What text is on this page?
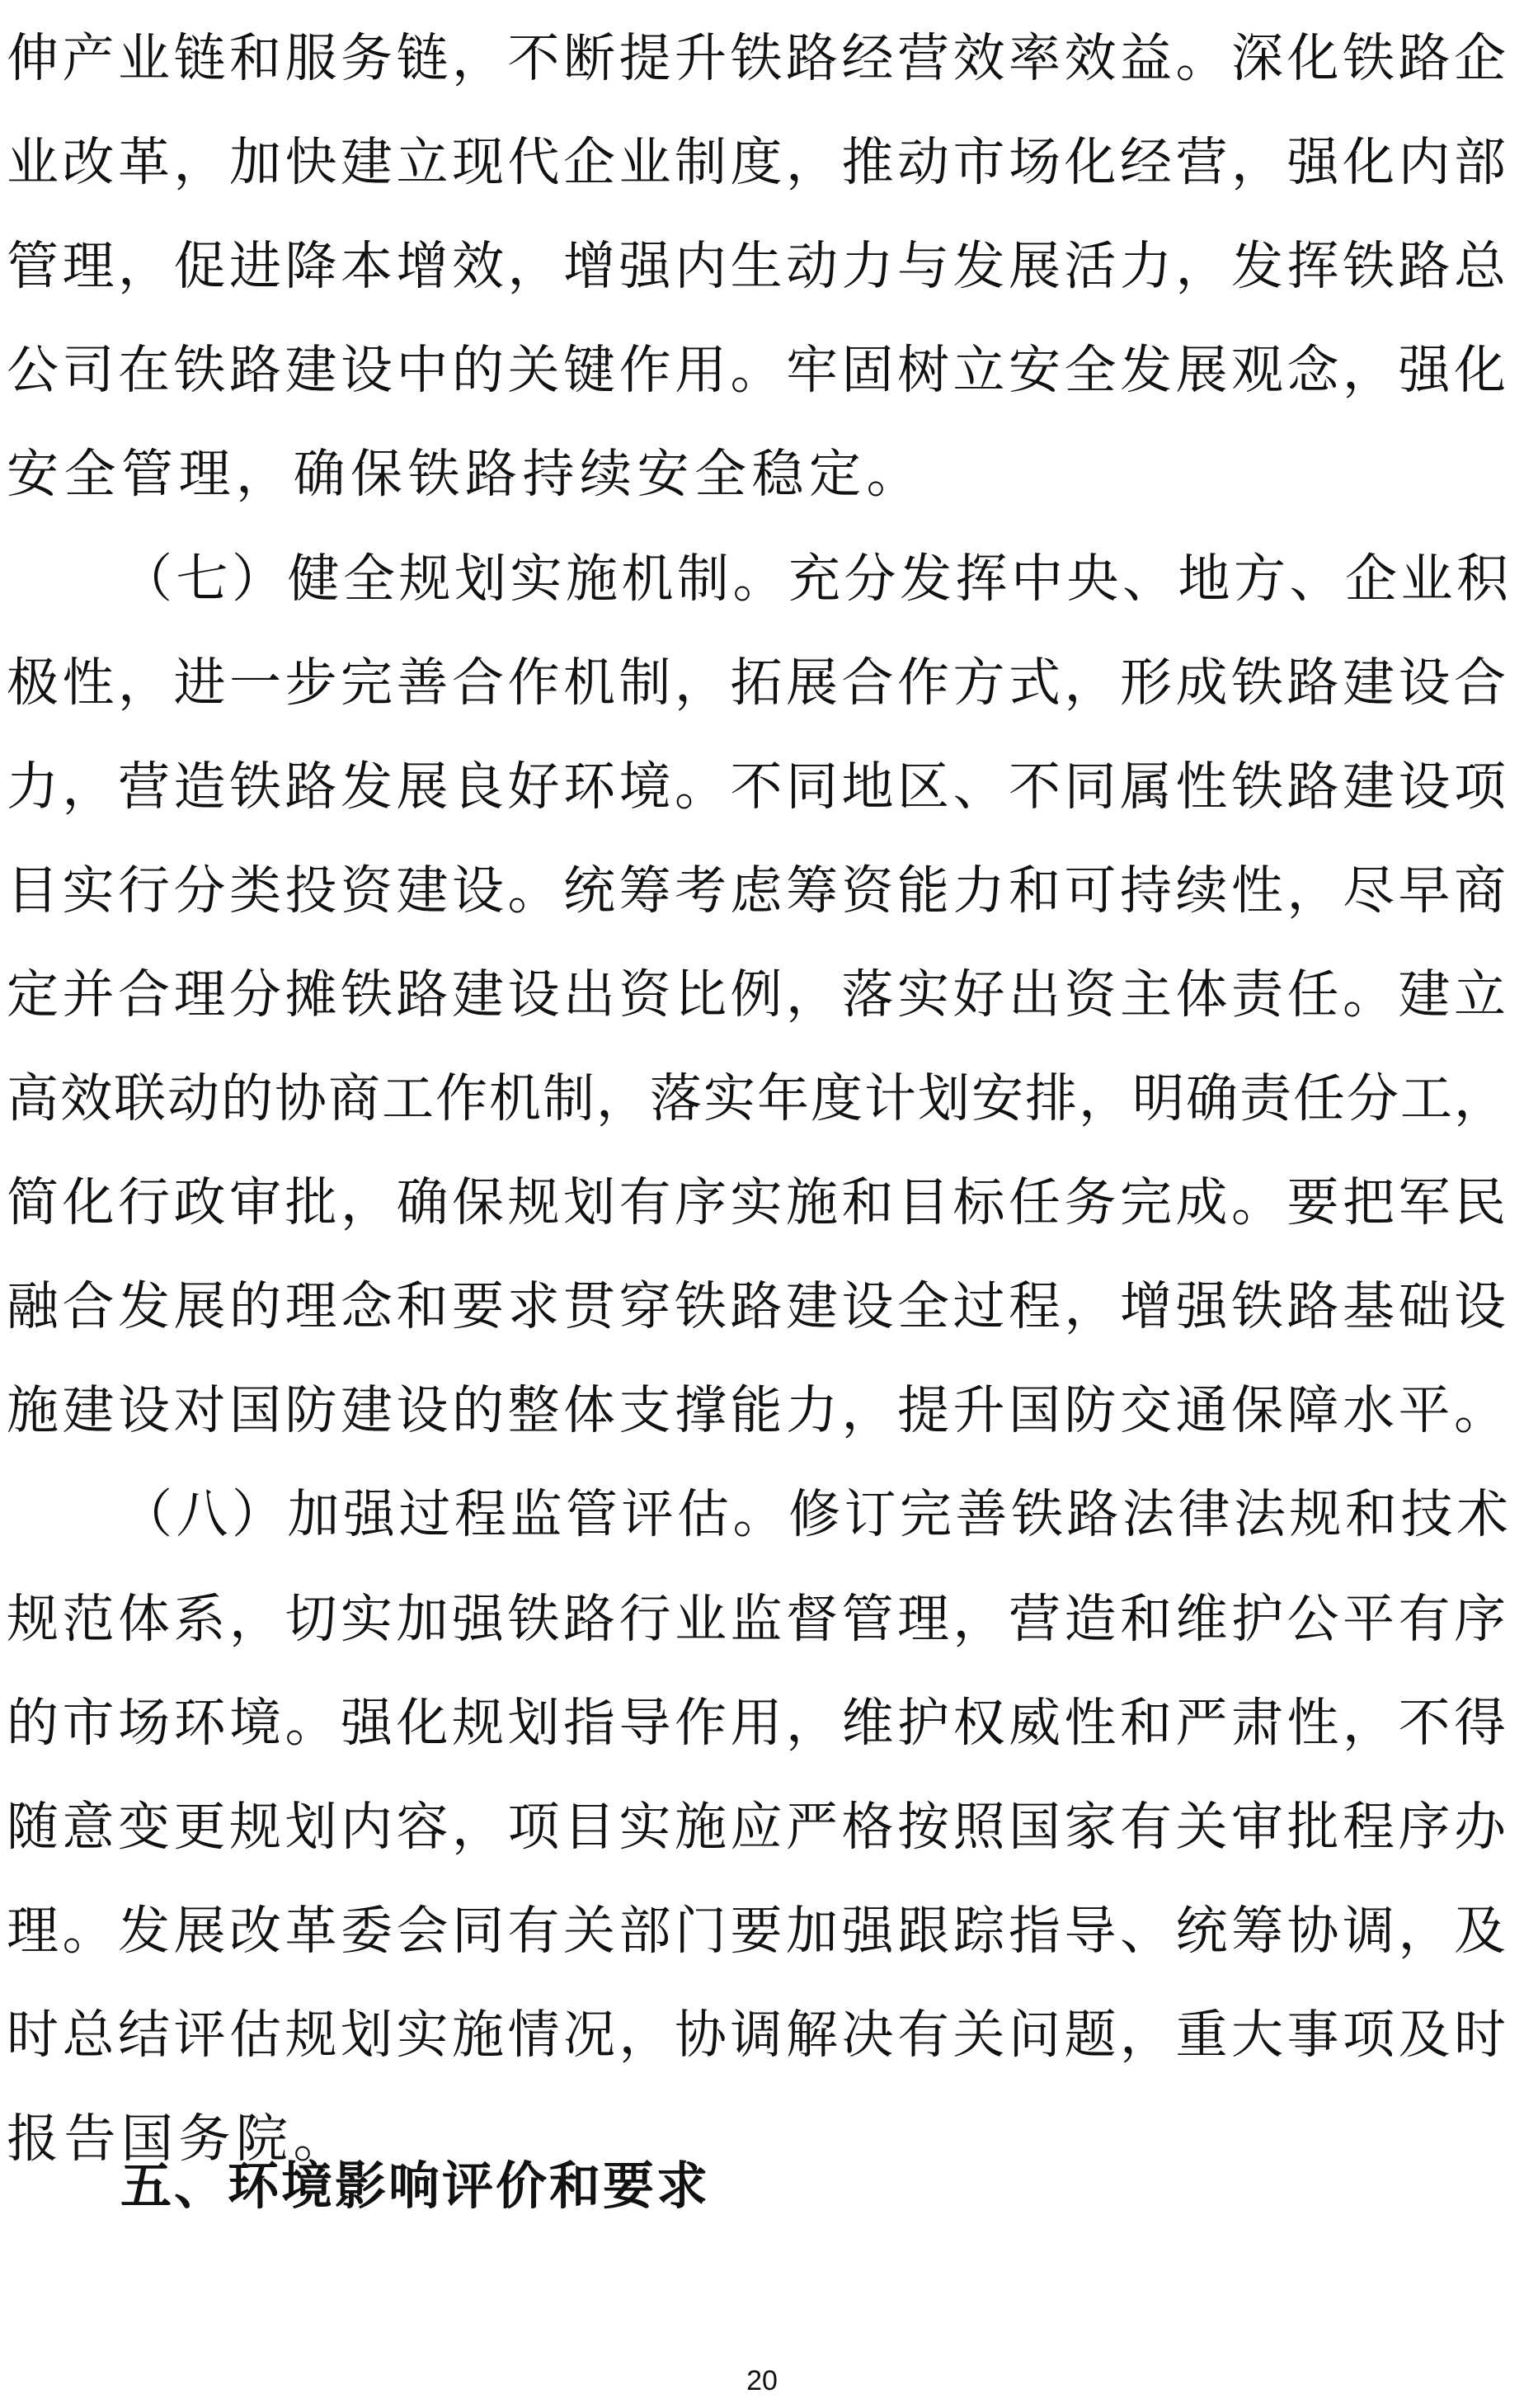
伸产业链和服务链，不断提升铁路经营效率效益。深化铁路企
业改革，加快建立现代企业制度，推动市场化经营，强化内部
管理，促进降本增效，增强内生动力与发展活力，发挥铁路总
公司在铁路建设中的关键作用。牢固树立安全发展观念，强化
安全管理，确保铁路持续安全稳定。
（七）健全规划实施机制。充分发挥中央、地方、企业积
极性，进一步完善合作机制，拓展合作方式，形成铁路建设合
力，营造铁路发展良好环境。不同地区、不同属性铁路建设项
目实行分类投资建设。统筹考虑筹资能力和可持续性，尽早商
定并合理分摊铁路建设出资比例，落实好出资主体责任。建立
高效联动的协商工作机制，落实年度计划安排，明确责任分工，
简化行政审批，确保规划有序实施和目标任务完成。要把军民
融合发展的理念和要求贯穿铁路建设全过程，增强铁路基础设
施建设对国防建设的整体支撑能力，提升国防交通保障水平。
（八）加强过程监管评估。修订完善铁路法律法规和技术
规范体系，切实加强铁路行业监督管理，营造和维护公平有序
的市场环境。强化规划指导作用，维护权威性和严肃性，不得
随意变更规划内容，项目实施应严格按照国家有关审批程序办
理。发展改革委会同有关部门要加强跟踪指导、统筹协调，及
时总结评估规划实施情况，协调解决有关问题，重大事项及时
报告国务院。
五、环境影响评价和要求
20
